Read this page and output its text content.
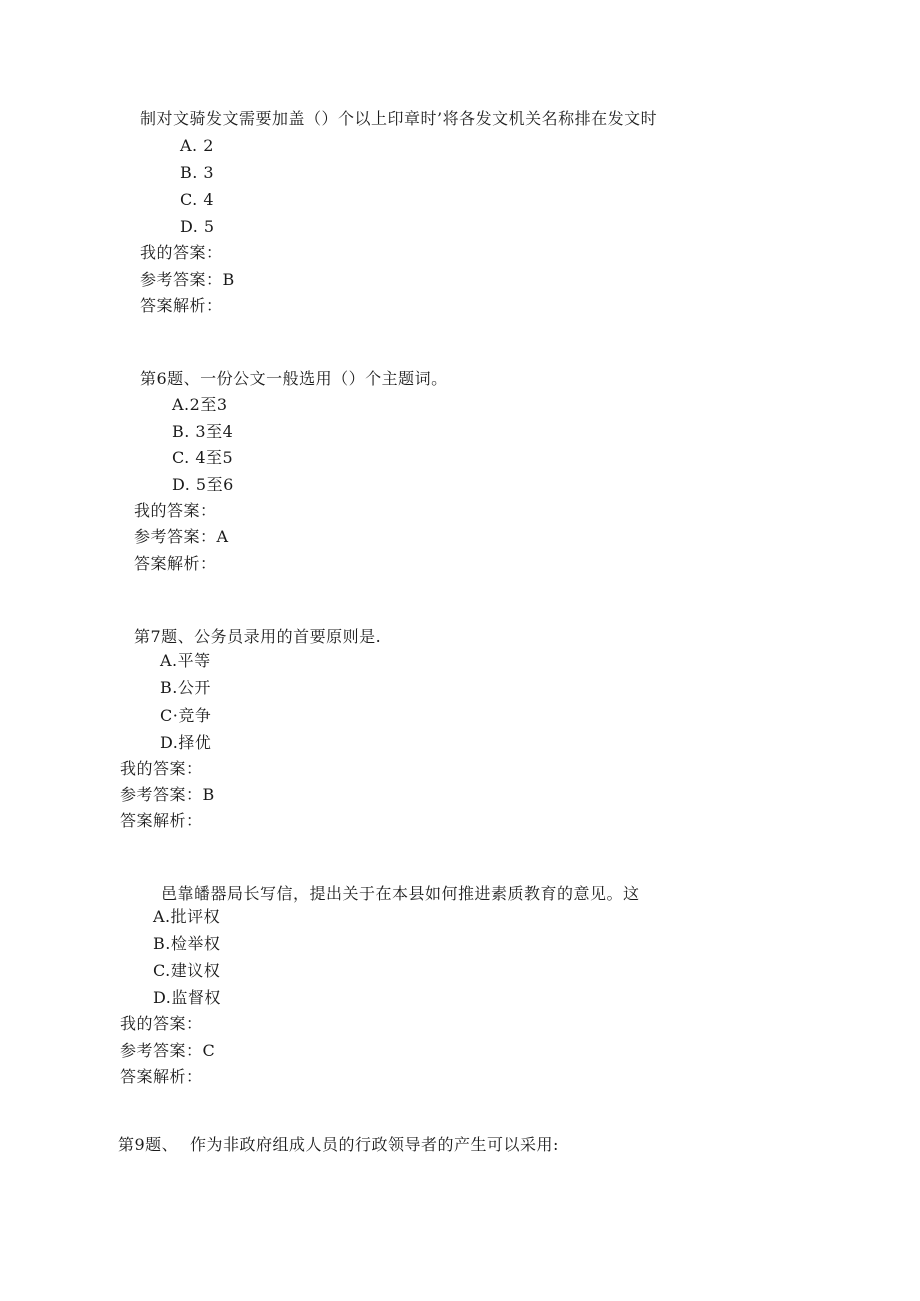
制对文骑发文需要加盖（）个以上印章时’将各发文机关名称排在发文时
A. 2
B. 3
C. 4
D. 5
我的答案：
参考答案：B
答案解析：
第6题、一份公文一般选用（）个主题词。
A.2至3
B. 3至4
C. 4至5
D. 5至6
我的答案：
参考答案：A
答案解析：
第7题、公务员录用的首要原则是.
A.平等
B.公开
C·竞争
D.择优
我的答案：
参考答案：B
答案解析：
邑靠皤器局长写信，提出关于在本县如何推进素质教育的意见。这
A.批评权
B.检举权
C.建议权
D.监督权
我的答案：
参考答案：C
答案解析：
第9题、 作为非政府组成人员的行政领导者的产生可以采用:
